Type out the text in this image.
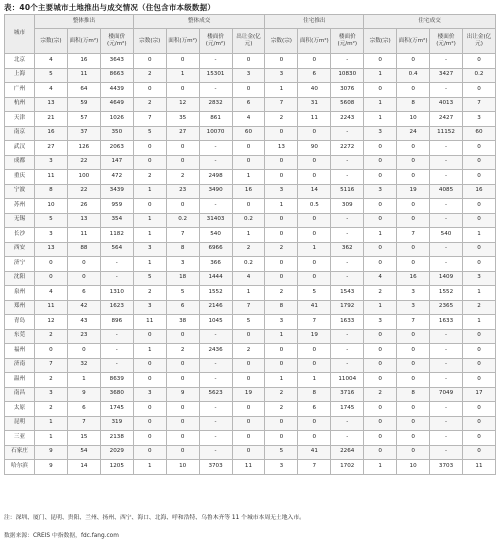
表：40个主要城市土地推出与成交情况（住包含市本级数据）
城市	整体推出			整体成交				住宅推出			住宅成交			
	宗数(宗)	面积(万m²)	楼面价(元/m²)	宗数(宗)	面积(万m²)	楼面价(元/m²)	出让金(亿元)	宗数(宗)	面积(万m²)	楼面价(元/m²)	宗数(宗)	面积(万m²)	楼面价(元/m²)	出让金(亿元)
北京	4	16	3643	0	0	-	0	0	0	-	0	0	-	0
上海	5	11	8663	2	1	15301	3	3	6	10830	1	0.4	3427	0.2
广州	4	64	4439	0	0	-	0	1	40	3076	0	0	-	0
杭州	13	59	4649	2	12	2832	6	7	31	5608	1	8	4013	7
天津	21	57	1026	7	35	861	4	2	11	2243	1	10	2427	3
南京	16	37	350	5	27	10070	60	0	0	-	3	24	11152	60
武汉	27	126	2063	0	0	-	0	13	90	2272	0	0	-	0
成都	3	22	147	0	0	-	0	0	0	-	0	0	-	0
重庆	11	100	472	2	2	2498	1	0	0	-	0	0	-	0
宁波	8	22	3439	1	23	3490	16	3	14	5116	3	19	4085	16
苏州	10	26	959	0	0	-	0	1	0.5	309	0	0	-	0
无锡	5	13	354	1	0.2	31403	0.2	0	0	-	0	0	-	0
长沙	3	11	1182	1	7	540	1	0	0	-	1	7	540	1
西安	13	88	564	3	8	6966	2	2	1	362	0	0	-	0
济宁	0	0	-	1	3	366	0.2	0	0	-	0	0	-	0
沈阳	0	0	-	5	18	1444	4	0	0	-	4	16	1409	3
泉州	4	6	1310	2	5	1552	1	2	5	1543	2	3	1552	1
郑州	11	42	1623	3	6	2146	7	8	41	1792	1	3	2365	2
青岛	12	43	896	11	38	1045	5	3	7	1633	3	7	1633	1
东莞	2	23	-	0	0	-	0	1	19	-	0	0	-	0
福州	0	0	-	1	2	2436	2	0	0	-	0	0	-	0
济南	7	32	-	0	0	-	0	0	0	-	0	0	-	0
温州	2	1	8639	0	0	-	0	1	1	11004	0	0	-	0
南昌	3	9	3680	3	9	5623	19	2	8	3716	2	8	7049	17
太原	2	6	1745	0	0	-	0	2	6	1745	0	0	-	0
昆明	1	7	319	0	0	-	0	0	0	-	0	0	-	0
三亚	1	15	2138	0	0	-	0	0	0	-	0	0	-	0
石家庄	9	54	2029	0	0	-	0	5	41	2264	0	0	-	0
哈尔滨	9	14	1205	1	10	3703	11	3	7	1702	1	10	3703	11
注：深圳、厦门、昆明、贵阳、兰州、扬州、西宁、海口、北海、呼和浩特、乌鲁木齐等 11 个城市本周无土地入市。
数据来源：CREIS 中指数据，fdc.fang.com
